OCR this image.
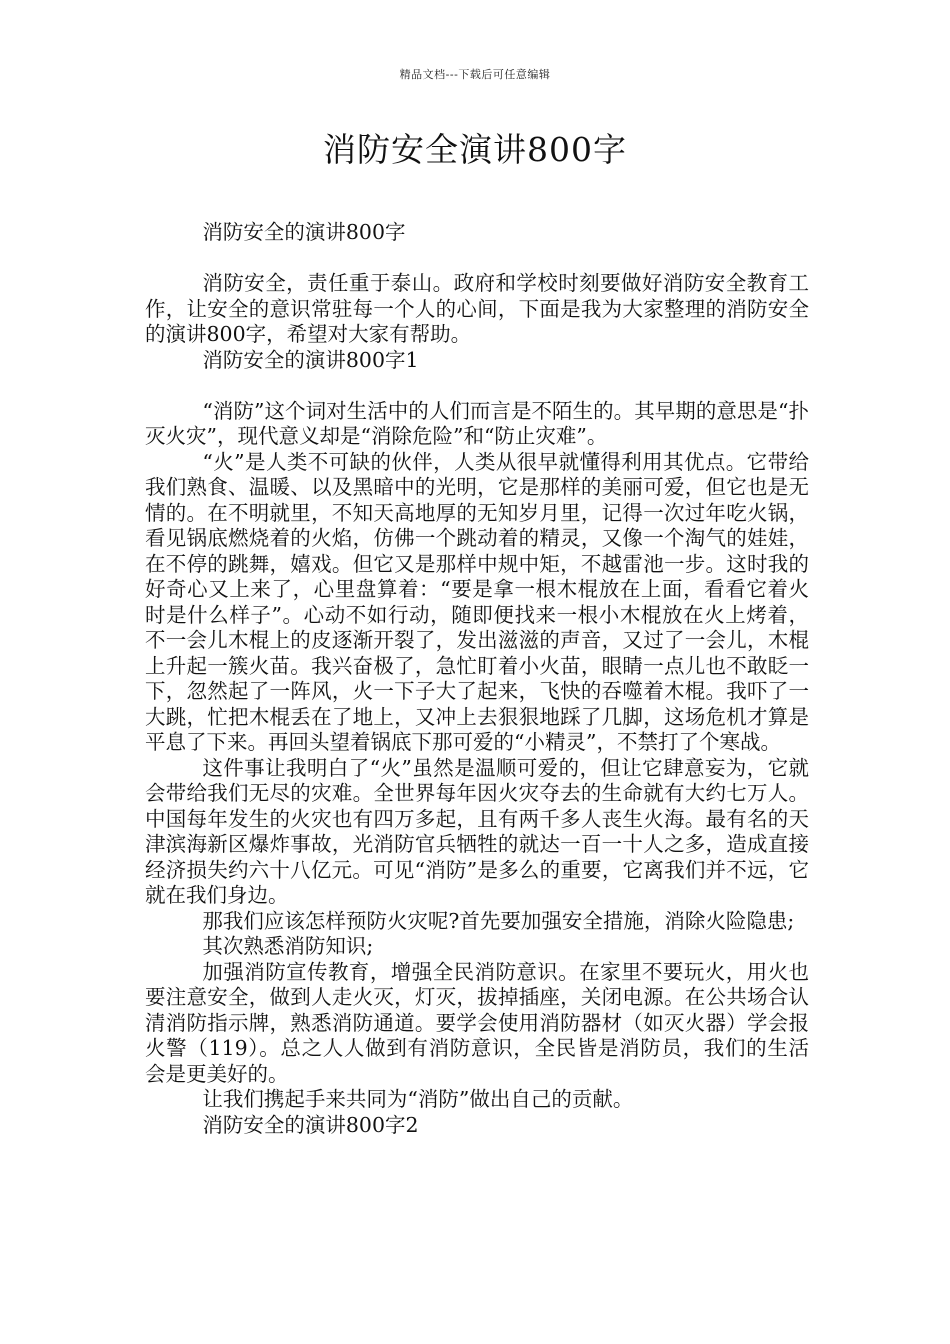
精品文档---下载后可任意编辑
消防安全演讲800字

消防安全的演讲800字

消防安全，责任重于泰山。政府和学校时刻要做好消防安全教育工作，让安全的意识常驻每一个人的心间，下面是我为大家整理的消防安全的演讲800字，希望对大家有帮助。

消防安全的演讲800字1

“消防”这个词对生活中的人们而言是不陌生的。其早期的意思是“扑灭火灾”，现代意义却是“消除危险”和“防止灾难”。

“火”是人类不可缺的伙伴，人类从很早就懂得利用其优点。它带给我们熟食、温暖、以及黑暗中的光明，它是那样的美丽可爱，但它也是无情的。在不明就里，不知天高地厚的无知岁月里，记得一次过年吃火锅，看见锅底燃烧着的火焰，仿佛一个跳动着的精灵，又像一个淘气的娃娃，在不停的跳舞，嬉戏。但它又是那样中规中矩，不越雷池一步。这时我的好奇心又上来了，心里盘算着：“要是拿一根木棍放在上面，看看它着火时是什么样子”。心动不如行动，随即便找来一根小木棍放在火上烤着，不一会儿木棍上的皮逐渐开裂了，发出滋滋的声音，又过了一会儿，木棍上升起一簇火苗。我兴奋极了，急忙盯着小火苗，眼睛一点儿也不敢眨一下，忽然起了一阵风，火一下子大了起来，飞快的吞噬着木棍。我吓了一大跳，忙把木棍丢在了地上，又冲上去狠狠地踩了几脚，这场危机才算是平息了下来。再回头望着锅底下那可爱的“小精灵”，不禁打了个寒战。

这件事让我明白了“火”虽然是温顺可爱的，但让它肆意妄为，它就会带给我们无尽的灾难。全世界每年因火灾夺去的生命就有大约七万人。中国每年发生的火灾也有四万多起，且有两千多人丧生火海。最有名的天津滨海新区爆炸事故，光消防官兵牺牲的就达一百一十人之多，造成直接经济损失约六十八亿元。可见“消防”是多么的重要，它离我们并不远，它就在我们身边。

那我们应该怎样预防火灾呢?首先要加强安全措施，消除火险隐患;

其次熟悉消防知识;

加强消防宣传教育，增强全民消防意识。在家里不要玩火，用火也要注意安全，做到人走火灭，灯灭，拔掉插座，关闭电源。在公共场合认清消防指示牌，熟悉消防通道。要学会使用消防器材（如灭火器）学会报火警（119）。总之人人做到有消防意识，全民皆是消防员，我们的生活会是更美好的。

让我们携起手来共同为“消防”做出自己的贡献。

消防安全的演讲800字2
